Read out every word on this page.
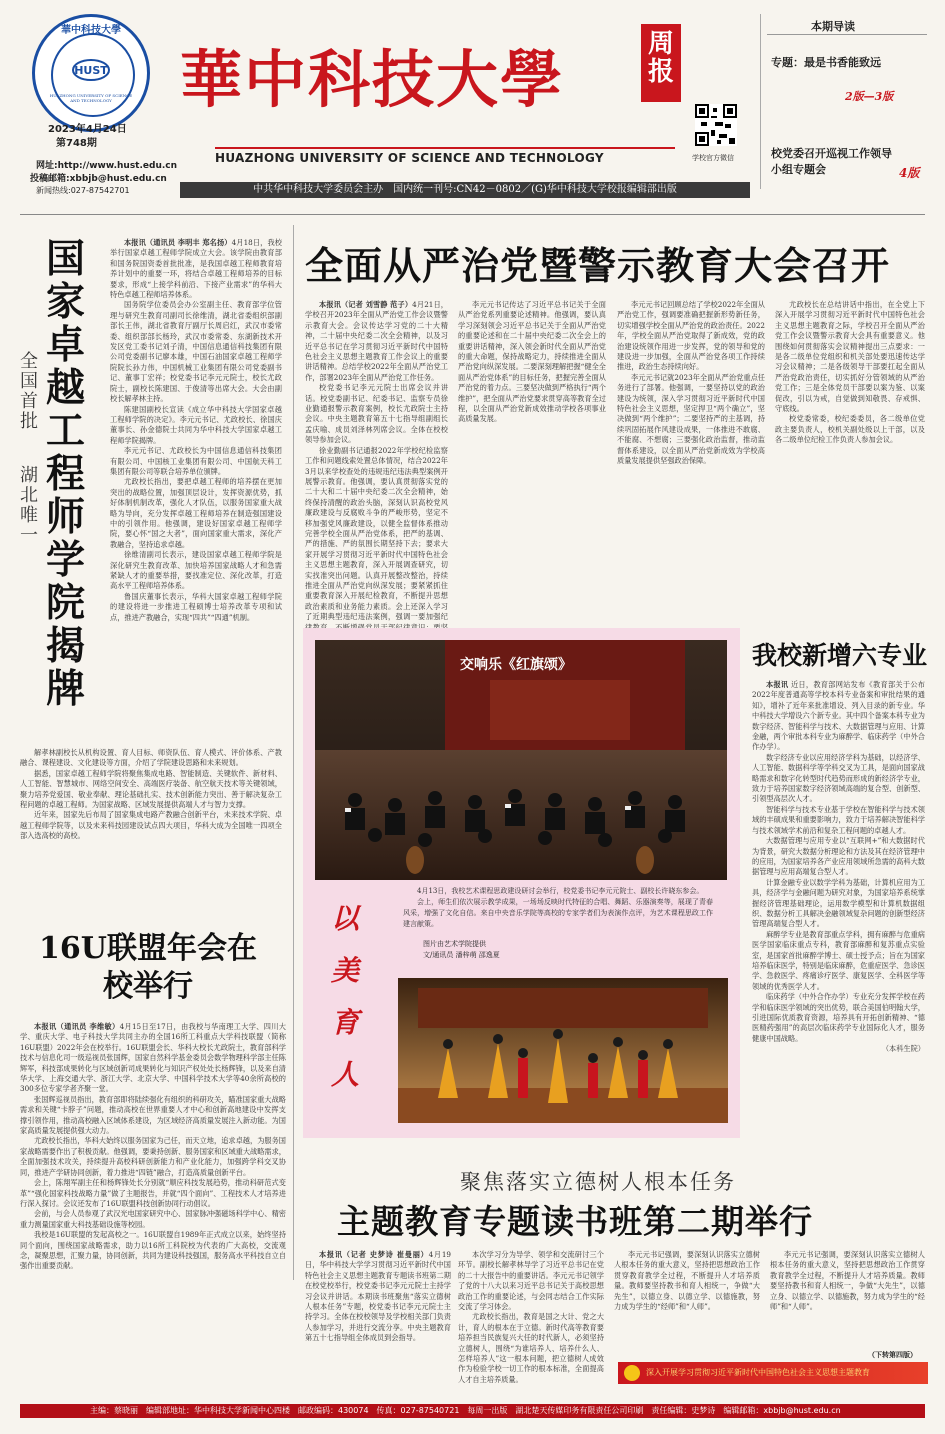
華中科技大學
HUST
HUAZHONG UNIVERSITY OF SCIENCE AND TECHNOLOGY
2023年4月24日
第748期
网址:http://www.hust.edu.cn
投稿邮箱:xbbjb@hust.edu.cn
新闻热线:027-87542701
華中科技大學	周
报
HUAZHONG UNIVERSITY OF SCIENCE AND TECHNOLOGY	学校官方微信
本期导读
专题：最是书香能致远
2版—3版
校党委召开巡视工作领导小组专题会	4版
中共华中科技大学委员会主办　国内统一刊号:CN42－0802／(G)华中科技大学校报编辑部出版
国家卓越工程师学院揭牌
全国首批
湖北唯一

本报讯（通讯员 李明丰 郑名扬）4月18日，我校举行国家卓越工程师学院成立大会。该学院由教育部和国务院国资委首批批准，是我国卓越工程师教育培养计划中的重要一环，将结合卓越工程师培养的目标要求，形成“上接学科前沿、下接产业需求”的华科大特色卓越工程师培养体系。

国务院学位委员会办公室副主任、教育部学位管理与研究生教育司副司长徐维清，湖北省委组织部副部长王伟，湖北省教育厅副厅长周启红，武汉市委常委、组织部部长杨玲，武汉市委常委、东湖新技术开发区党工委书记刘子清，中国信息通信科技集团有限公司党委副书记廖本雄，中国石油国家卓越工程师学院院长孙力伟，中国机械工业集团有限公司党委副书记、董事丁宏祥；校党委书记李元元院士，校长尤政院士，副校长陈建国、于俊清等出席大会。大会由副校长解孝林主持。

陈建国副校长宣读《成立华中科技大学国家卓越工程师学院的决定》。李元元书记、尤政校长、徐国庆董事长、孙金德院士共同为华中科技大学国家卓越工程师学院揭牌。

李元元书记、尤政校长为中国信息通信科技集团有限公司、中国核工业集团有限公司、中国航天科工集团有限公司等联合培养单位颁牌。

尤政校长指出，要把卓越工程师的培养摆在更加突出的战略位置，加强顶层设计，发挥资源优势，抓好体制机制改革，强化人才队伍，以服务国家重大战略为导向，充分发挥卓越工程师培养在制造强国建设中的引领作用。他强调，建设好国家卓越工程师学院，要心怀“国之大者”，面向国家重大需求，深化产教融合，坚持追求卓越。

徐维清副司长表示，建设国家卓越工程师学院是深化研究生教育改革、加快培养国家战略人才和急需紧缺人才的重要举措，要找准定位、深化改革，打造高水平工程师培养体系。

鲁国庆董事长表示，华科大国家卓越工程师学院的建设将进一步推进工程硕博士培养改革专项和试点，推进产教融合，实现“四共”“四通”机制。

解孝林副校长从机构设置、育人目标、师资队伍、育人模式、评价体系、产教融合、课程建设、文化建设等方面，介绍了学院建设思路和未来规划。

据悉，国家卓越工程师学院将聚焦集成电路、智能制造、关键软件、新材料、人工智能、智慧城市、网络空间安全、高端医疗装备、航空航天技术等关键领域，聚力培养党爱国、敬业奉献、理论基础扎实、技术创新能力突出、善于解决复杂工程问题的卓越工程师。为国家战略、区域发展提供高端人才与智力支撑。

近年来，国家先后布局了国家集成电路产教融合创新平台，未来技术学院、卓越工程师学院等，以及未来科技园建设试点四大项目，华科大成为全国唯一四项全部入选高校的高校。

全面从严治党暨警示教育大会召开

本报讯（记者 刘雪静 范子）4月21日，学校召开2023年全面从严治党工作会议暨警示教育大会。会议传达学习党的二十大精神，二十届中央纪委二次全会精神，以及习近平总书记在学习贯彻习近平新时代中国特色社会主义思想主题教育工作会议上的重要讲话精神。总结学校2022年全面从严治党工作，部署2023年全面从严治党工作任务。

校党委书记李元元院士出席会议并讲话。校党委副书记、纪委书记、监察专员徐业勤通报警示教育案例，校长尤政院士主持会议。中央主题教育第五十七指导组副组长孟庆喻、成员刘泽林列席会议。全体在校校领导参加会议。

徐业勤副书记通报2022年学校纪检监察工作和问题线索处置总体情况，结合2022年3月以来学校查处的违规违纪违法典型案例开展警示教育。他强调，要认真贯彻落实党的二十大和二十届中央纪委二次全会精神，始终保持清醒的政治头脑，深刻认识高校党风廉政建设与反腐败斗争的严峻形势，坚定不移加强党风廉政建设，以健全监督体系推动完善学校全面从严治党体系，把严的基调、严的措施、严的氛围长期坚持下去；要求大家开展学习贯彻习近平新时代中国特色社会主义思想主题教育，深入开展调查研究，切实找准突出问题。认真开展整改整治，持续推进全面从严治党向纵深发展；要紧紧抓住重要教育深入开展纪检教育，不断提升思想政治素质和业务能力素质。会上还深入学习了近期典型违纪违法案例，强调一要加强纪

李元元书记传达了习近平总书记关于全面从严治党系列重要论述精神。他强调，要认真学习深刻领会习近平总书记关于全面从严治党的重要论述和在二十届中央纪委二次全会上的重要讲话精神，深入领会新时代全面从严治党的重大命题，保持战略定力，持续推进全面从严治党向纵深发展。二要深刻理解把握“健全全面从严治党体系”的目标任务，把握完善全面从严治党的着力点。三要坚决做到严格执行“两个维护”，把全面从严治党要求贯穿高等教育全过程，以全面从严治党新成效推动学校各项事业高质量发展。

李元元书记回顾总结了学校2022年全面从严治党工作，强调要准确把握新形势新任务，切实增强学校全面从严治党的政治责任。2022年，学校全面从严治党取得了新成效，党的政治建设统领作用进一步发挥，党的领导和党的建设进一步加强，全面从严治党各项工作持续推进，政治生态持续向好。

李元元书记就2023年全面从严治党重点任务进行了部署。他强调，一要坚持以党的政治建设为统领，深入学习贯彻习近平新时代中国特色社会主义思想，坚定捍卫“两个确立”，坚决做到“两个维护”；二要坚持严的主基调，持续巩固拓展作风建设成果，一体推进不敢腐、不能腐、不想腐；三要强化政治监督，推动监督体系建设，以全面从严治党新成效为学校高质量发展提供坚强政治保障。

尤政校长在总结讲话中指出，在全党上下深入开展学习贯彻习近平新时代中国特色社会主义思想主题教育之际，学校召开全面从严治党工作会议暨警示教育大会具有重要意义。他围绕如何贯彻落实会议精神提出三点要求：一是各二级单位党组织和机关部处要迅速传达学习会议精神；二是各级领导干部要扛起全面从严治党政治责任，切实抓好分管领域的从严治党工作；三是全体党员干部要以案为鉴、以案促改，引以为戒，自觉做到知敬畏、存戒惧、守底线。

校党委常委，校纪委委员，各二级单位党政主要负责人，校机关副处级以上干部，以及各二级单位纪检工作负责人参加会议。

交响乐《红旗颂》
以美育人

4月13日，我校艺术课程思政建设研讨会举行，校党委书记李元元院士、副校长许晓东参会。

会上，师生们依次展示教学成果，一场场反映时代特征的合唱、舞蹈、乐器演奏等，展现了青春风采，增强了文化自信。来自中央音乐学院等高校的专家学者们为表演作点评，为艺术课程思政工作建言献策。

图片由艺术学院提供
文/通讯员 潘梓萌 邵逸夏
我校新增六专业

本报讯 近日，教育部网站发布《教育部关于公布2022年度普通高等学校本科专业备案和审批结果的通知》，增补了近年来批准增设、列入目录的新专业。华中科技大学增设六个新专业。其中四个备案本科专业为数字经济、智能科学与技术、大数据管理与应用、计算金融，两个审批本科专业为麻醉学、临床药学（中外合作办学）。

数字经济专业以应用经济学科为基础，以经济学、人工智能、数据科学等学科交叉为工具，是面向国家战略需求和数字化转型时代趋势而形成的新经济学专业，致力于培养国家数字经济领域高端的复合型、创新型、引领型高层次人才。

智能科学与技术专业基于学校在智能科学与技术领域的丰硕成果和重要影响力，致力于培养解决智能科学与技术领域学术前沿和复杂工程问题的卓越人才。

大数据管理与应用专业以“互联网+”和大数据时代为背景，研究大数据分析理论和方法及其在经济管理中的应用，为国家培养各产业应用领域所急需的高科大数据管理与应用高端复合型人才。

计算金融专业以数学学科为基础，计算机应用为工具，经济学与金融问题为研究对象，为国家培养系统掌握经济管理基础理论，运用数学模型和计算机数据组织、数据分析工具解决金融领域复杂问题的创新型经济管理高端复合型人才。

麻醉学专业是教育部重点学科，拥有麻醉与危重病医学国家临床重点专科，教育部麻醉和复苏重点实验室，是国家首批麻醉学博士、硕士授予点；旨在为国家培养临床医学，特别是临床麻醉，危重症医学、急诊医学、急救医学、疼痛诊疗医学、康复医学、全科医学等领域的优秀医学人才。

临床药学（中外合作办学）专业充分发挥学校在药学和临床医学领域的突出优势，联合美国伯明翰大学，引进国际优质教育资源，培养具有开拓创新精神、“德医精药强用”的高层次临床药学专业国际化人才，服务健康中国战略。

（本科生院）

16U联盟年会在校举行

本报讯（通讯员 李维敏）4月15日至17日，由我校与华南理工大学、四川大学、重庆大学、电子科技大学共同主办的全国16所工科重点大学科技联盟（简称16U联盟）2022年会在校举行。16U联盟会长、华科大校长尤政院士，教育部科学技术与信息化司一级巡视员张国辉，国家自然科学基金委员会数学物理科学部主任陈辉军，科技部成果转化与区域创新司成果转化与知识产权处处长杨辉锋，以及来自清华大学、上海交通大学、浙江大学、北京大学、中国科学技术大学等40余所高校的300多位专家学者齐聚一堂。

张国辉巡视员指出，教育部即将陆续强化有组织的科研攻关，瞄准国家重大战略需求和关键“卡脖子”问题，推动高校在世界重要人才中心和创新高地建设中发挥支撑引领作用，推动高校融入区域体系建设，为区域经济高质量发展注入新动能。为国家高质量发展提供强大动力。

尤政校长指出，华科大始终以服务国家为己任，而天立地，追求卓越，为服务国家战略需要作出了积极贡献。他强调，要秉持创新、服务国家和区域重大战略需求，全面加强技术攻关，持续提升高校科研创新能力和产业化能力，加强跨学科交叉协同，推进产学研协同创新，着力推进“四链”融合，打造高质量创新平台。

会上，陈翔军副主任和杨辉锋处长分别就“顺应科技发展趋势，推动科研范式变革”“强化国家科技战略力量”做了主题报告，并就“四个面向”、工程技术人才培养进行深入探讨。会议还发布了16U联盟科技创新协同行动倡议。

会前，与会人员参观了武汉光电国家研究中心、国家脉冲强磁场科学中心、精密重力测量国家重大科技基础设施等校园。

我校是16U联盟的发起高校之一。16U联盟自1989年正式成立以来，始终坚持同个面向，围绕国家战略需求，助力以16所工科院校为代表的广大高校，交流观念，凝聚思想，汇聚力量，协同创新，共同为建设科技强国，服务高水平科技自立自强作出重要贡献。

聚焦落实立德树人根本任务
主题教育专题读书班第二期举行

本报讯（记者 史梦诗 崔曼丽）4月19日，华中科技大学学习贯彻习近平新时代中国特色社会主义思想主题教育专题读书班第二期在校党校举行，校党委书记李元元院士主持学习会议并讲话。本期读书班聚焦“落实立德树人根本任务”专题，校党委书记李元元院士主持学习。全体在校校领导及学校相关部门负责人参加学习，并进行交流分享。中央主题教育第五十七指导组全体成员到会指导。

本次学习分为导学、领学和交流研讨三个环节。副校长解孝林导学了习近平总书记在党的二十大报告中的重要讲话。李元元书记领学了党的十八大以来习近平总书记关于高校思想政治工作的重要论述，与会同志结合工作实际交流了学习体会。

尤政校长指出，教育是国之大计、党之大计，育人的根本在于立德。新时代高等教育要培养担当民族复兴大任的时代新人，必须坚持立德树人，围绕“为谁培养人、培养什么人、怎样培养人”这一根本问题，把立德树人成效作为检验学校一切工作的根本标准，全面提高人才自主培养质量。

李元元书记强调，要深刻认识落实立德树人根本任务的重大意义，坚持把思想政治工作贯穿教育教学全过程，不断提升人才培养质量。教师要坚持教书和育人相统一，争做“大先生”，以德立身、以德立学、以德施教，努力成为学生的“经师”和“人师”。

李元元书记强调，要深刻认识落实立德树人根本任务的重大意义，坚持把思想政治工作贯穿教育教学全过程，不断提升人才培养质量。教师要坚持教书和育人相统一，争做“大先生”，以德立身、以德立学、以德施教，努力成为学生的“经师”和“人师”。

（下转第四版）
深入开展学习贯彻习近平新时代中国特色社会主义思想主题教育
主编：蔡晓丽　编辑部地址：华中科技大学新闻中心四楼　邮政编码：430074　传真：027-87540721　每周一出版　湖北楚天传媒印务有限责任公司印刷　责任编辑：史梦诗　编辑邮箱：xbbjb@hust.edu.cn
